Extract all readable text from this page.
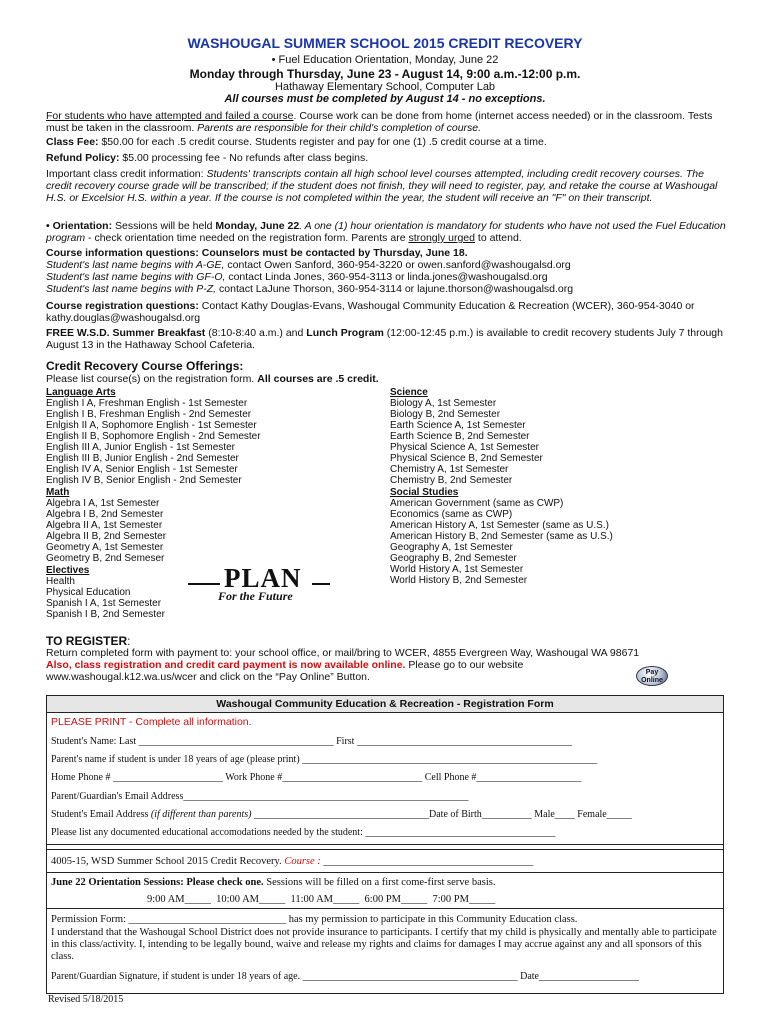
WASHOUGAL SUMMER SCHOOL 2015 CREDIT RECOVERY
• Fuel Education Orientation, Monday, June 22
Monday through Thursday, June 23 - August 14, 9:00 a.m.-12:00 p.m.
Hathaway Elementary School, Computer Lab
All courses must be completed by August 14 - no exceptions.
For students who have attempted and failed a course. Course work can be done from home (internet access needed) or in the classroom. Tests must be taken in the classroom. Parents are responsible for their child's completion of course.
Class Fee: $50.00 for each .5 credit course. Students register and pay for one (1) .5 credit course at a time.
Refund Policy: $5.00 processing fee - No refunds after class begins.
Important class credit information: Students' transcripts contain all high school level courses attempted, including credit recovery courses. The credit recovery course grade will be transcribed; if the student does not finish, they will need to register, pay, and retake the course at Washougal H.S. or Excelsior H.S. within a year. If the course is not completed within the year, the student will receive an "F" on their transcript.
• Orientation: Sessions will be held Monday, June 22. A one (1) hour orientation is mandatory for students who have not used the Fuel Education program - check orientation time needed on the registration form. Parents are strongly urged to attend.
Course information questions: Counselors must be contacted by Thursday, June 18.
Student's last name begins with A-GE, contact Owen Sanford, 360-954-3220 or owen.sanford@washougalsd.org
Student's last name begins with GF-O, contact Linda Jones, 360-954-3113 or linda.jones@washougalsd.org
Student's last name begins with P-Z, contact LaJune Thorson, 360-954-3114 or lajune.thorson@washougalsd.org
Course registration questions: Contact Kathy Douglas-Evans, Washougal Community Education & Recreation (WCER), 360-954-3040 or kathy.douglas@washougalsd.org
FREE W.S.D. Summer Breakfast (8:10-8:40 a.m.) and Lunch Program (12:00-12:45 p.m.) is available to credit recovery students July 7 through August 13 in the Hathaway School Cafeteria.
Credit Recovery Course Offerings:
Please list course(s) on the registration form. All courses are .5 credit.
Language Arts
English I A, Freshman English - 1st Semester
English I B, Freshman English - 2nd Semester
Enlgish II A, Sophomore English - 1st Semester
English II B, Sophomore English - 2nd Semester
English III A, Junior English - 1st Semester
English III B, Junior English - 2nd Semester
English IV A, Senior English - 1st Semester
English IV B, Senior English - 2nd Semester
Math
Algebra I A, 1st Semester
Algebra I B, 2nd Semester
Algebra II A, 1st Semester
Algebra II B, 2nd Semester
Geometry A, 1st Semester
Geometry B, 2nd Semeser
Electives
Health
Physical Education
Spanish I A, 1st Semester
Spanish I B, 2nd Semester
Science
Biology A, 1st Semester
Biology B, 2nd Semester
Earth Science A, 1st Semester
Earth Science B, 2nd Semester
Physical Science A, 1st Semester
Physical Science B, 2nd Semester
Chemistry A, 1st Semester
Chemistry B, 2nd Semester
Social Studies
American Government (same as CWP)
Economics (same as CWP)
American History A, 1st Semester (same as U.S.)
American History B, 2nd Semester (same as U.S.)
Geography A, 1st Semester
Geography B, 2nd Semester
World History A, 1st Semester
World History B, 2nd Semester
PLAN
For the Future
TO REGISTER:
Return completed form with payment to: your school office, or mail/bring to WCER, 4855 Evergreen Way, Washougal WA 98671
Also, class registration and credit card payment is now available online. Please go to our website
www.washougal.k12.wa.us/wcer and click on the “Pay Online” Button.	Pay Online
Washougal Community Education & Recreation - Registration Form
PLEASE PRINT - Complete all information.
Student's Name: Last _______________________________________ First ___________________________________________
Parent's name if student is under 18 years of age (please print) ___________________________________________________________
Home Phone # ______________________ Work Phone #____________________________ Cell Phone #_____________________
Parent/Guardian's Email Address_________________________________________________________
Student's Email Address (if different than parents) ___________________________________Date of Birth__________ Male____ Female_____
Please list any documented educational accomodations needed by the student: ______________________________________
4005-15, WSD Summer School 2015 Credit Recovery. Course : ________________________________________
June 22 Orientation Sessions: Please check one. Sessions will be filled on a first come-first serve basis.
9:00 AM_____ 10:00 AM_____ 11:00 AM_____ 6:00 PM_____ 7:00 PM_____
Permission Form: ______________________________ has my permission to participate in this Community Education class.
I understand that the Washougal School District does not provide insurance to participants. I certify that my child is physically and mentally able to participate in this class/activity. I, intending to be legally bound, waive and release my rights and claims for damages I may accrue against any and all sponsors of this class.
Parent/Guardian Signature, if student is under 18 years of age. ___________________________________________ Date____________________
Revised 5/18/2015
